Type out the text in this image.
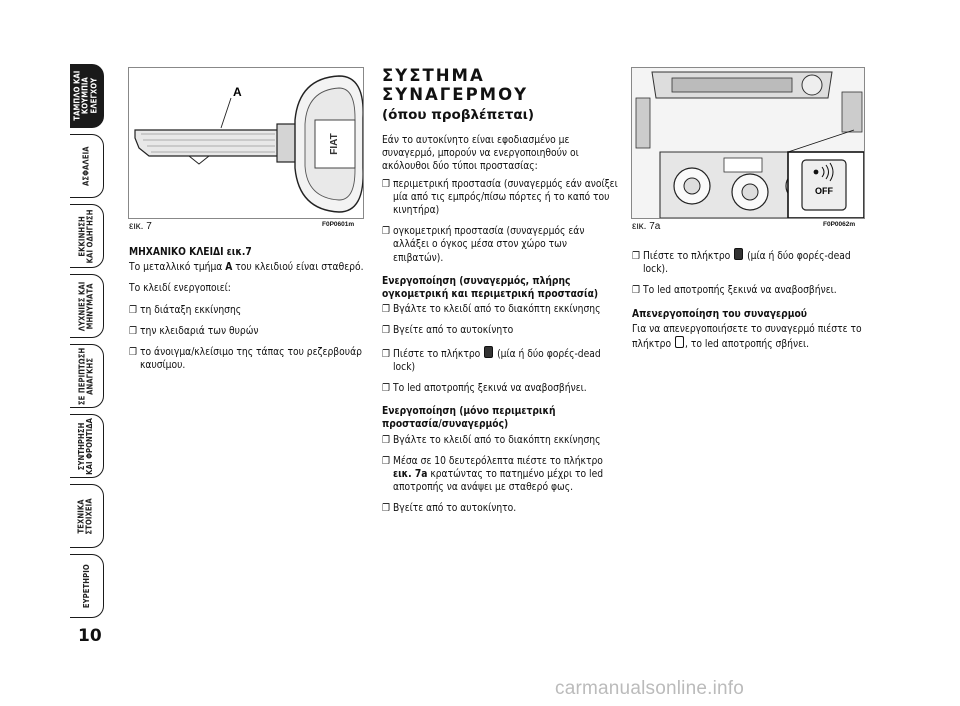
ΤΑΜΠΛΟ ΚΑΙ
ΚΟΥΜΠΙΑ
ΕΛΕΓΧΟΥ
ΑΣΦΑΛΕΙΑ
ΕΚΚΙΝΗΣΗ
ΚΑΙ ΟΔΗΓΗΣΗ
ΛΥΧΝΙΕΣ ΚΑΙ
ΜΗΝΥΜΑΤΑ
ΣΕ ΠΕΡΙΠΤΩΣΗ
ΑΝΑΓΚΗΣ
ΣΥΝΤΗΡΗΣΗ
ΚΑΙ ΦΡΟΝΤΙΔΑ
ΤΕΧΝΙΚΑ
ΣΤΟΙΧΕΙΑ
ΕΥΡΕΤΗΡΙΟ
10
FIAT
A
εικ. 7	F0P0601m

ΜΗΧΑΝΙΚΟ ΚΛΕΙΔΙ εικ.7

Το μεταλλικό τμήμα A του κλειδιού είναι σταθερό.

Το κλειδί ενεργοποιεί:

❐ τη διάταξη εκκίνησης

❐ την κλειδαριά των θυρών

❐ το άνοιγμα/κλείσιμο της τάπας του ρεζερβουάρ καυσίμου.

ΣΥΣΤΗΜΑ
ΣΥΝΑΓΕΡΜΟΥ
(όπου προβλέπεται)

Εάν το αυτοκίνητο είναι εφοδιασμένο με συναγερμό, μπορούν να ενεργοποιηθούν οι ακόλουθοι δύο τύποι προστασίας:

❐ περιμετρική προστασία (συναγερμός εάν ανοίξει μία από τις εμπρός/πίσω πόρτες ή το καπό του κινητήρα)

❐ ογκομετρική προστασία (συναγερμός εάν αλλάξει ο όγκος μέσα στον χώρο των επιβατών).

Ενεργοποίηση (συναγερμός, πλήρης ογκομετρική και περιμετρική προστασία)

❐ Βγάλτε το κλειδί από το διακόπτη εκκίνησης

❐ Βγείτε από το αυτοκίνητο

❐ Πιέστε το πλήκτρο  (μία ή δύο φορές-dead lock)

❐ Το led αποτροπής ξεκινά να αναβοσβήνει.

Ενεργοποίηση (μόνο περιμετρική προστασία/συναγερμός)

❐ Βγάλτε το κλειδί από το διακόπτη εκκίνησης

❐ Μέσα σε 10 δευτερόλεπτα πιέστε το πλήκτρο εικ. 7a κρατώντας το πατημένο μέχρι το led αποτροπής να ανάψει με σταθερό φως.

❐ Βγείτε από το αυτοκίνητο.

OFF
εικ. 7a	F0P0062m

❐ Πιέστε το πλήκτρο  (μία ή δύο φορές-dead lock).

❐ Το led αποτροπής ξεκινά να αναβοσβήνει.

Απενεργοποίηση του συναγερμού

Για να απενεργοποιήσετε το συναγερμό πιέστε το πλήκτρο , το led αποτροπής σβήνει.

carmanualsonline.info
